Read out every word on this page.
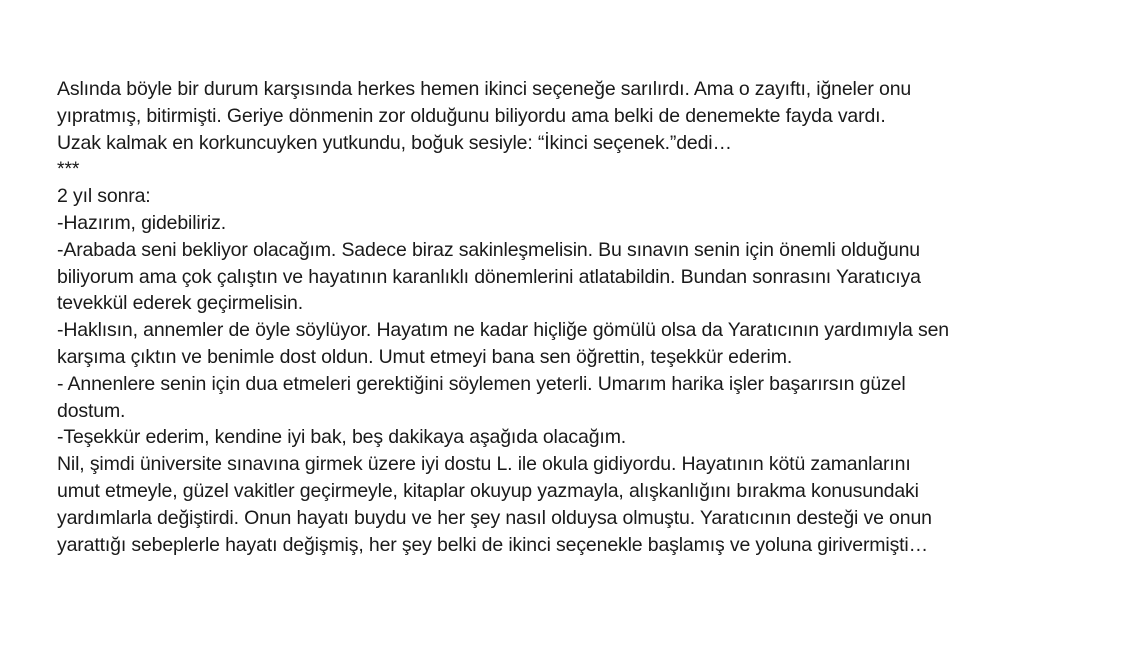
Aslında böyle bir durum karşısında herkes hemen ikinci seçeneğe sarılırdı. Ama o zayıftı, iğneler onu
yıpratmış, bitirmişti. Geriye dönmenin zor olduğunu biliyordu ama belki de denemekte fayda vardı.
Uzak kalmak en korkuncuyken yutkundu, boğuk sesiyle: “İkinci seçenek.”dedi…
***
2 yıl sonra:
-Hazırım, gidebiliriz.
-Arabada seni bekliyor olacağım. Sadece biraz sakinleşmelisin. Bu sınavın senin için önemli olduğunu
biliyorum ama çok çalıştın ve hayatının karanlıklı dönemlerini atlatabildin. Bundan sonrasını Yaratıcıya
tevekkül ederek geçirmelisin.
-Haklısın, annemler de öyle söylüyor. Hayatım ne kadar hiçliğe gömülü olsa da Yaratıcının yardımıyla sen
karşıma çıktın ve benimle dost oldun. Umut etmeyi bana sen öğrettin, teşekkür ederim.
- Annenlere senin için dua etmeleri gerektiğini söylemen yeterli. Umarım harika işler başarırsın güzel
dostum.
-Teşekkür ederim, kendine iyi bak, beş dakikaya aşağıda olacağım.
Nil, şimdi üniversite sınavına girmek üzere iyi dostu L. ile okula gidiyordu. Hayatının kötü zamanlarını
umut etmeyle, güzel vakitler geçirmeyle, kitaplar okuyup yazmayla, alışkanlığını bırakma konusundaki
yardımlarla değiştirdi. Onun hayatı buydu ve her şey nasıl olduysa olmuştu. Yaratıcının desteği ve onun
yarattığı sebeplerle hayatı değişmiş, her şey belki de ikinci seçenekle başlamış ve yoluna girivermişti…
